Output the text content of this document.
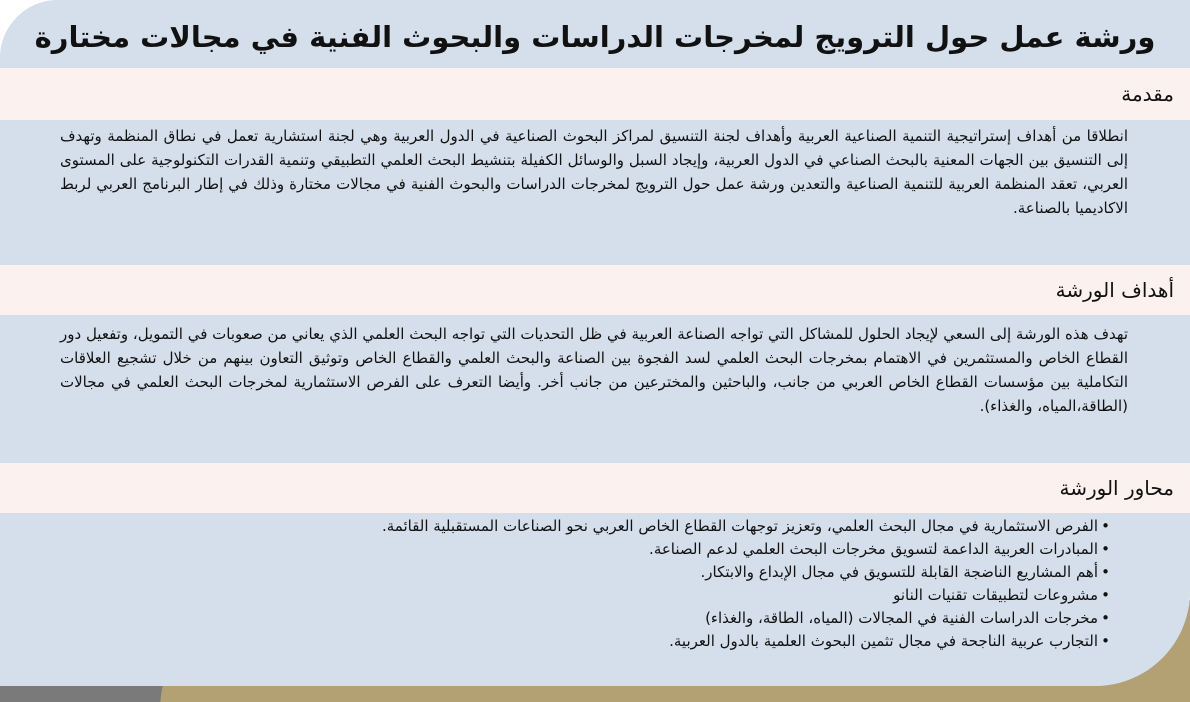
ورشة عمل حول الترويج لمخرجات الدراسات والبحوث الفنية في مجالات مختارة
مقدمة

انطلاقا من أهداف إستراتيجية التنمية الصناعية العربية وأهداف لجنة التنسيق لمراكز البحوث الصناعية في الدول العربية وهي لجنة استشارية تعمل في نطاق المنظمة وتهدف إلى التنسيق بين الجهات المعنية بالبحث الصناعي في الدول العربية، وإيجاد السبل والوسائل الكفيلة بتنشيط البحث العلمي التطبيقي وتنمية القدرات التكنولوجية على المستوى العربي، تعقد المنظمة العربية للتنمية الصناعية والتعدين ورشة عمل حول الترويج لمخرجات الدراسات والبحوث الفنية في مجالات مختارة وذلك في إطار البرنامج العربي لربط الاكاديميا بالصناعة.

أهداف الورشة

تهدف هذه الورشة إلى السعي لإيجاد الحلول للمشاكل التي تواجه الصناعة العربية في ظل التحديات التي تواجه البحث العلمي الذي يعاني من صعوبات في التمويل، وتفعيل دور القطاع الخاص والمستثمرين في الاهتمام بمخرجات البحث العلمي لسد الفجوة بين الصناعة والبحث العلمي والقطاع الخاص وتوثيق التعاون بينهم من خلال تشجيع العلاقات التكاملية بين مؤسسات القطاع الخاص العربي من جانب، والباحثين والمخترعين من جانب أخر. وأيضا التعرف على الفرص الاستثمارية لمخرجات البحث العلمي في مجالات (الطاقة،المياه، والغذاء).

محاور الورشة
• الفرص الاستثمارية في مجال البحث العلمي، وتعزيز توجهات القطاع الخاص العربي نحو الصناعات المستقبلية القائمة.
• المبادرات العربية الداعمة لتسويق مخرجات البحث العلمي لدعم الصناعة.
• أهم المشاريع الناضجة القابلة للتسويق في مجال الإبداع والابتكار.
• مشروعات لتطبيقات تقنيات النانو
• مخرجات الدراسات الفنية في المجالات (المياه، الطاقة، والغذاء)
• التجارب عربية الناجحة في مجال تثمين البحوث العلمية بالدول العربية.
